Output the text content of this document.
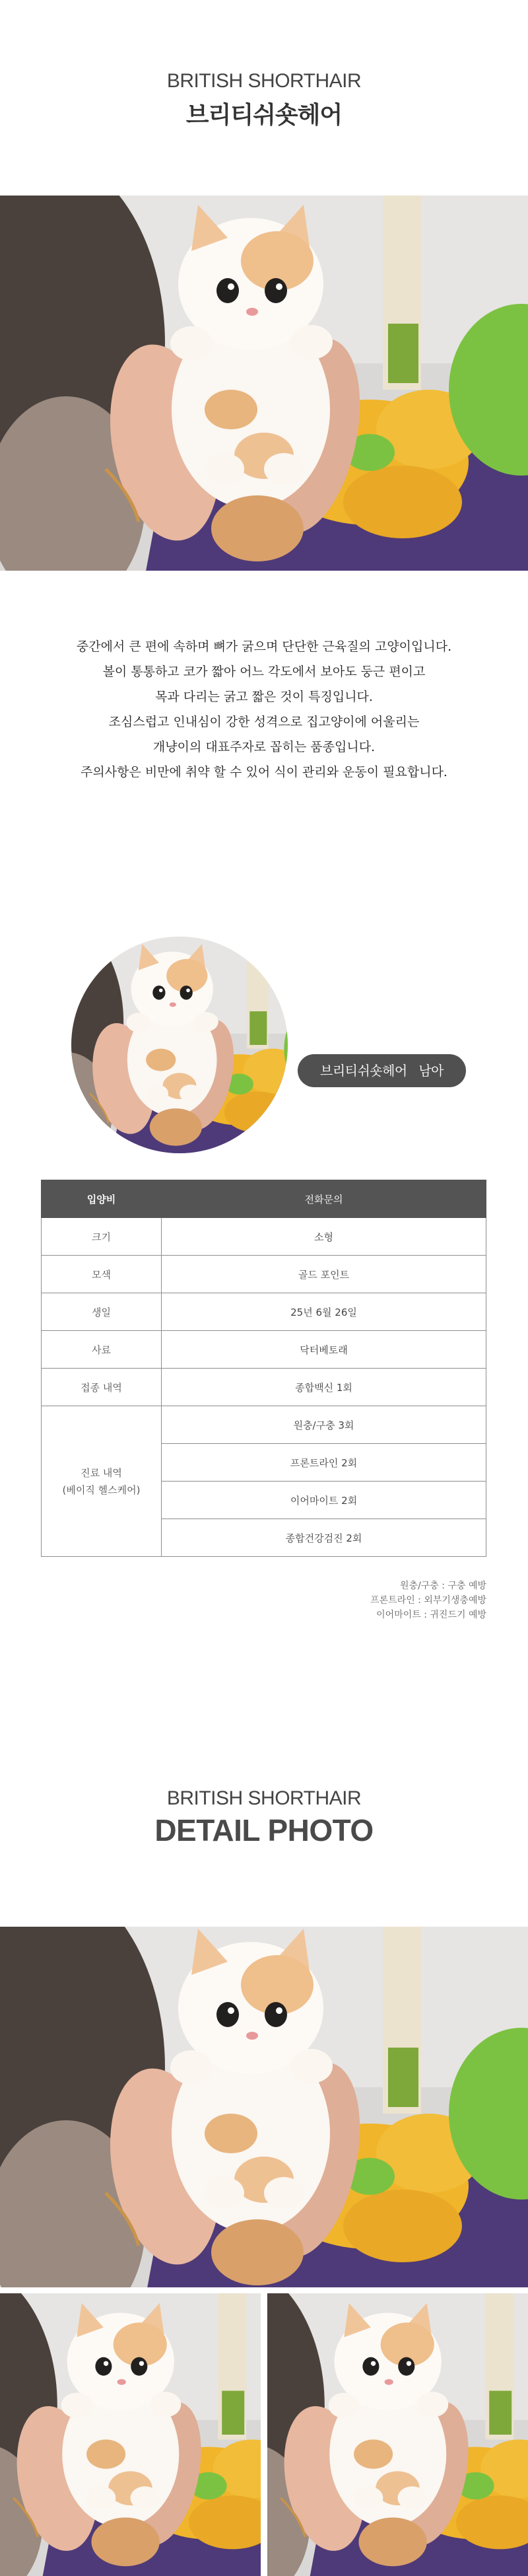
BRITISH SHORTHAIR
브리티쉬숏헤어

중간에서 큰 편에 속하며 뼈가 굵으며 단단한 근육질의 고양이입니다.

볼이 통통하고 코가 짧아 어느 각도에서 보아도 둥근 편이고

목과 다리는 굵고 짧은 것이 특징입니다.

조심스럽고 인내심이 강한 성격으로 집고양이에 어울리는

개냥이의 대표주자로 꼽히는 품종입니다.

주의사항은 비만에 취약 할 수 있어 식이 관리와 운동이 필요합니다.

브리티쉬숏헤어   남아
입양비	전화문의
크기	소형
모색	골드 포인트
생일	25년 6월 26일
사료	닥터베토래
접종 내역	종합백신 1회

진료 내역
(베이직 헬스케어)	원충/구충 3회
	프론트라인 2회
	이어마이트 2회
	종합건강검진 2회
원충/구충 : 구충 예방
프론트라인 : 외부기생충예방
이어마이트 : 귀진드기 예방
BRITISH SHORTHAIR
DETAIL PHOTO
